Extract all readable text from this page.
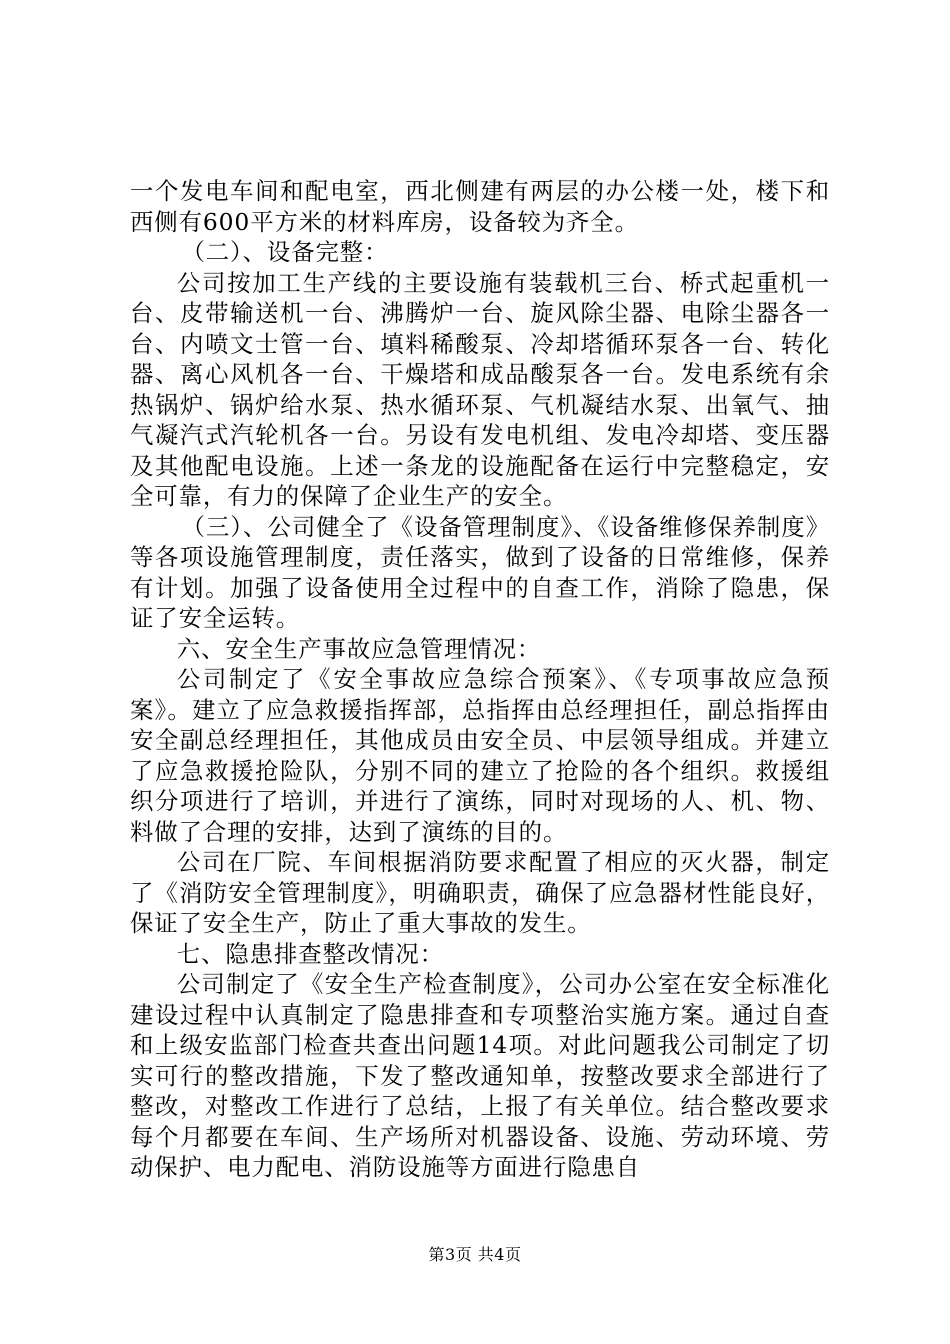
一个发电车间和配电室，西北侧建有两层的办公楼一处，楼下和西侧有600平方米的材料库房，设备较为齐全。

（二）、设备完整：

公司按加工生产线的主要设施有装载机三台、桥式起重机一台、皮带输送机一台、沸腾炉一台、旋风除尘器、电除尘器各一台、内喷文士管一台、填料稀酸泵、冷却塔循环泵各一台、转化器、离心风机各一台、干燥塔和成品酸泵各一台。发电系统有余热锅炉、锅炉给水泵、热水循环泵、气机凝结水泵、出氧气、抽气凝汽式汽轮机各一台。另设有发电机组、发电冷却塔、变压器及其他配电设施。上述一条龙的设施配备在运行中完整稳定，安全可靠，有力的保障了企业生产的安全。

（三）、公司健全了《设备管理制度》、《设备维修保养制度》等各项设施管理制度，责任落实，做到了设备的日常维修，保养有计划。加强了设备使用全过程中的自查工作，消除了隐患，保证了安全运转。

六、安全生产事故应急管理情况：

公司制定了《安全事故应急综合预案》、《专项事故应急预案》。建立了应急救援指挥部，总指挥由总经理担任，副总指挥由安全副总经理担任，其他成员由安全员、中层领导组成。并建立了应急救援抢险队，分别不同的建立了抢险的各个组织。救援组织分项进行了培训，并进行了演练，同时对现场的人、机、物、料做了合理的安排，达到了演练的目的。

公司在厂院、车间根据消防要求配置了相应的灭火器，制定了《消防安全管理制度》，明确职责，确保了应急器材性能良好，保证了安全生产，防止了重大事故的发生。

七、隐患排查整改情况：

公司制定了《安全生产检查制度》，公司办公室在安全标准化建设过程中认真制定了隐患排查和专项整治实施方案。通过自查和上级安监部门检查共查出问题14项。对此问题我公司制定了切实可行的整改措施，下发了整改通知单，按整改要求全部进行了整改，对整改工作进行了总结，上报了有关单位。结合整改要求每个月都要在车间、生产场所对机器设备、设施、劳动环境、劳动保护、电力配电、消防设施等方面进行隐患自

第3页 共4页
